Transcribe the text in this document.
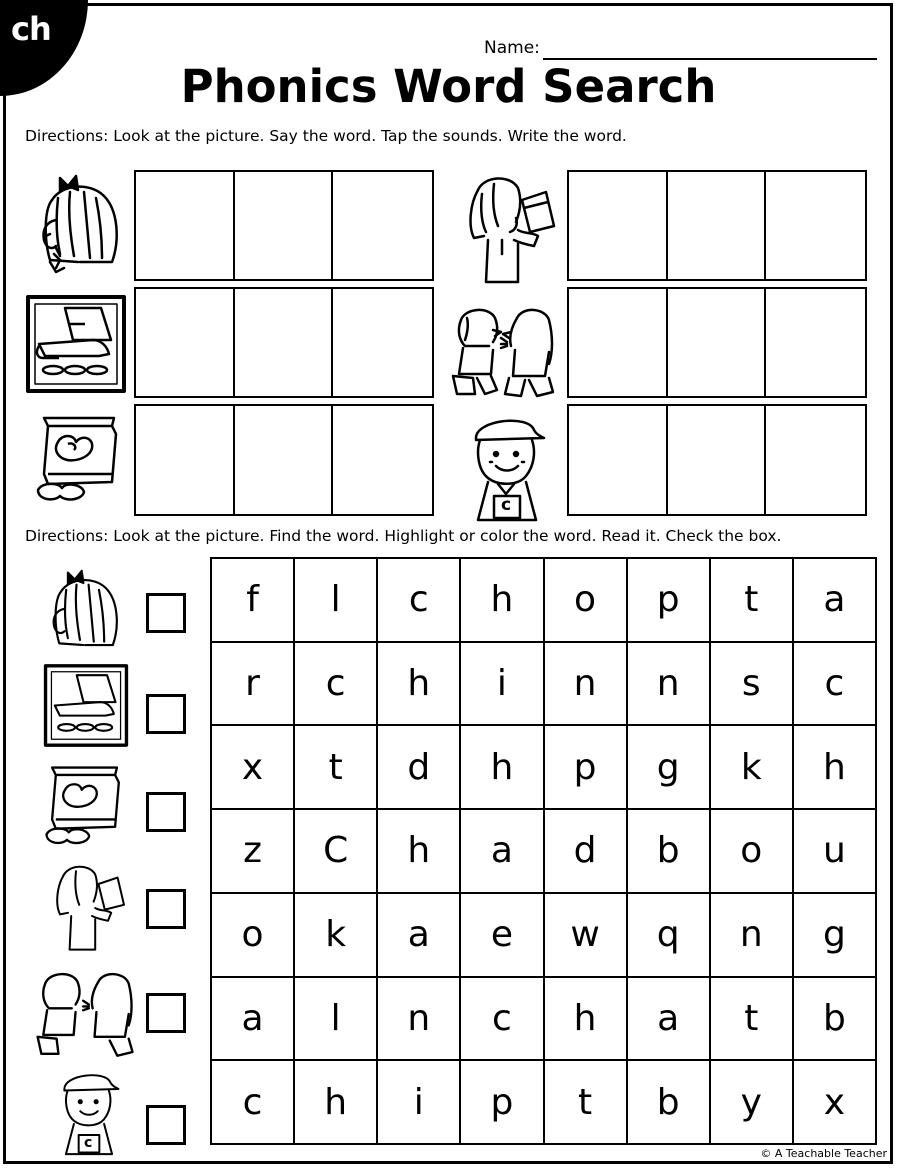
ch	Name:
Phonics Word Search
Directions: Look at the picture. Say the word. Tap the sounds. Write the word.
c
Directions: Look at the picture. Find the word. Highlight or color the word. Read it. Check the box.
c
f	l	c	h	o	p	t	a
r	c	h	i	n	n	s	c
x	t	d	h	p	g	k	h
z	C	h	a	d	b	o	u
o	k	a	e	w	q	n	g
a	l	n	c	h	a	t	b
c	h	i	p	t	b	y	x
© A Teachable Teacher
